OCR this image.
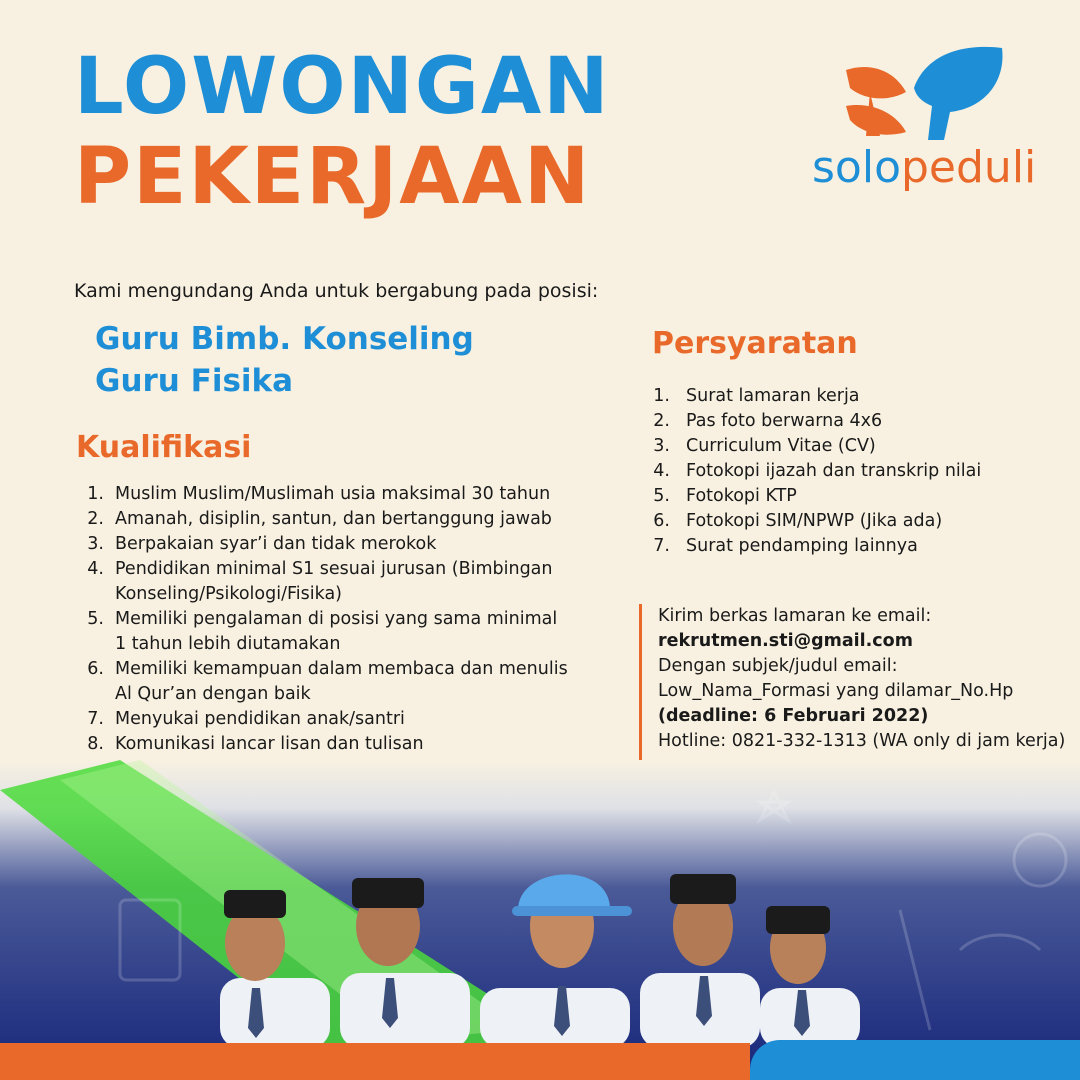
LOWONGAN
PEKERJAAN	solopeduli
Kami mengundang Anda untuk bergabung pada posisi:
Guru Bimb. Konseling
Guru Fisika
Kualifikasi
1. Muslim Muslim/Muslimah usia maksimal 30 tahun
2. Amanah, disiplin, santun, dan bertanggung jawab
3. Berpakaian syar’i dan tidak merokok
4. Pendidikan minimal S1 sesuai jurusan (Bimbingan Konseling/Psikologi/Fisika)
5. Memiliki pengalaman di posisi yang sama minimal 1 tahun lebih diutamakan
6. Memiliki kemampuan dalam membaca dan menulis Al Qur’an dengan baik
7. Menyukai pendidikan anak/santri
8. Komunikasi lancar lisan dan tulisan
Persyaratan
1. Surat lamaran kerja
2. Pas foto berwarna 4x6
3. Curriculum Vitae (CV)
4. Fotokopi ijazah dan transkrip nilai
5. Fotokopi KTP
6. Fotokopi SIM/NPWP (Jika ada)
7. Surat pendamping lainnya
Kirim berkas lamaran ke email:
rekrutmen.sti@gmail.com
Dengan subjek/judul email:
Low_Nama_Formasi yang dilamar_No.Hp
(deadline: 6 Februari 2022)
Hotline: 0821-332-1313 (WA only di jam kerja)
